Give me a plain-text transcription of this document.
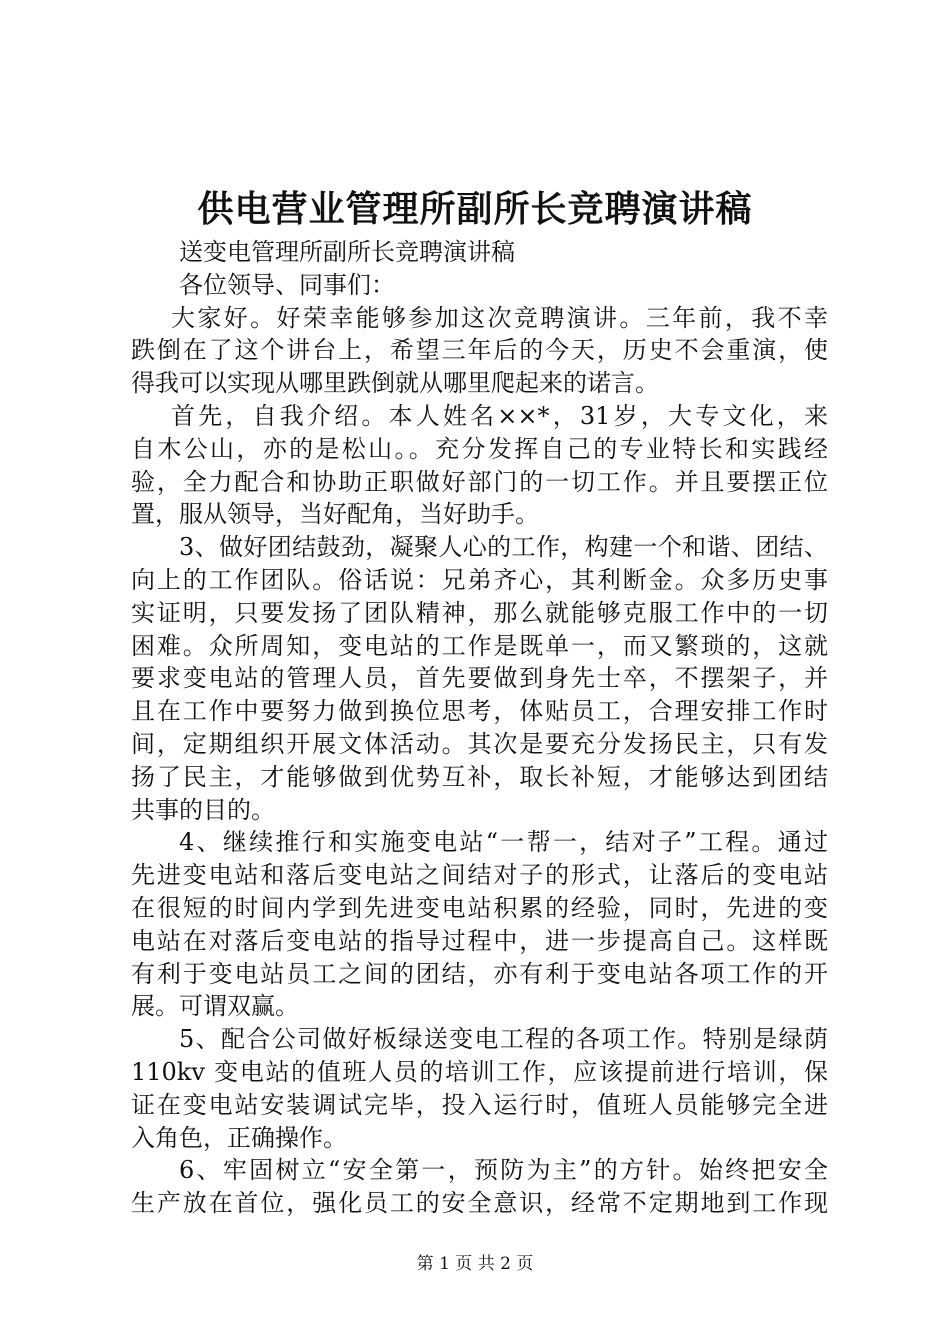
供电营业管理所副所长竞聘演讲稿
送变电管理所副所长竞聘演讲稿
各位领导、同事们：
大家好。好荣幸能够参加这次竞聘演讲。三年前，我不幸
跌倒在了这个讲台上，希望三年后的今天，历史不会重演，使
得我可以实现从哪里跌倒就从哪里爬起来的诺言。
首先，自我介绍。本人姓名××*，31岁，大专文化，来
自木公山，亦的是松山。。充分发挥自己的专业特长和实践经
验，全力配合和协助正职做好部门的一切工作。并且要摆正位
置，服从领导，当好配角，当好助手。
3、做好团结鼓劲，凝聚人心的工作，构建一个和谐、团结、
向上的工作团队。俗话说：兄弟齐心，其利断金。众多历史事
实证明，只要发扬了团队精神，那么就能够克服工作中的一切
困难。众所周知，变电站的工作是既单一，而又繁琐的，这就
要求变电站的管理人员，首先要做到身先士卒，不摆架子，并
且在工作中要努力做到换位思考，体贴员工，合理安排工作时
间，定期组织开展文体活动。其次是要充分发扬民主，只有发
扬了民主，才能够做到优势互补，取长补短，才能够达到团结
共事的目的。
4、继续推行和实施变电站“一帮一，结对子”工程。通过
先进变电站和落后变电站之间结对子的形式，让落后的变电站
在很短的时间内学到先进变电站积累的经验，同时，先进的变
电站在对落后变电站的指导过程中，进一步提高自己。这样既
有利于变电站员工之间的团结，亦有利于变电站各项工作的开
展。可谓双赢。
5、配合公司做好板绿送变电工程的各项工作。特别是绿荫
110kv 变电站的值班人员的培训工作，应该提前进行培训，保
证在变电站安装调试完毕，投入运行时，值班人员能够完全进
入角色，正确操作。
6、牢固树立“安全第一，预防为主”的方针。始终把安全
生产放在首位，强化员工的安全意识，经常不定期地到工作现
第 1 页 共 2 页
